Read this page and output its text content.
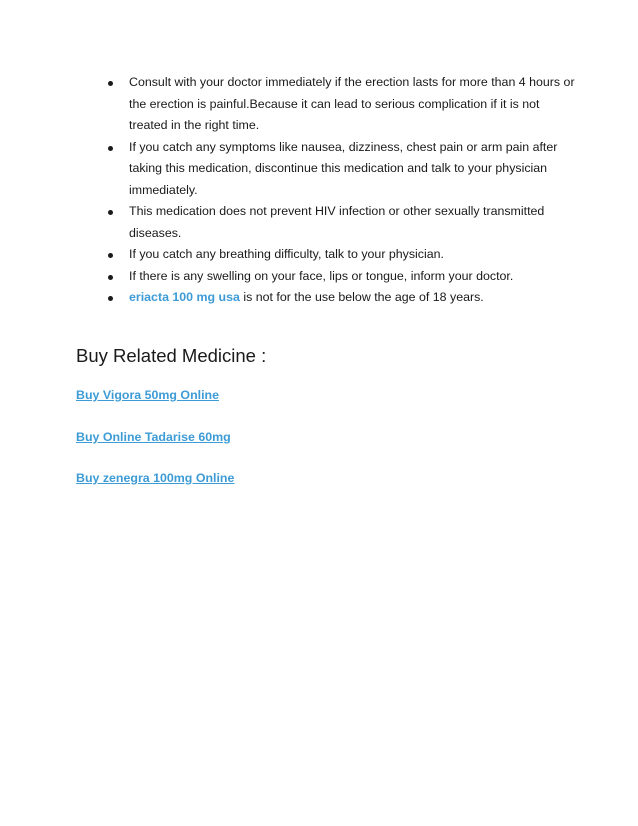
Consult with your doctor immediately if the erection lasts for more than 4 hours or the erection is painful.Because it can lead to serious complication if it is not treated in the right time.
If you catch any symptoms like nausea, dizziness, chest pain or arm pain after taking this medication, discontinue this medication and talk to your physician immediately.
This medication does not prevent HIV infection or other sexually transmitted diseases.
If you catch any breathing difficulty, talk to your physician.
If there is any swelling on your face, lips or tongue, inform your doctor.
eriacta 100 mg usa is not for the use below the age of 18 years.
Buy Related Medicine :
Buy Vigora 50mg Online
Buy Online Tadarise 60mg
Buy zenegra 100mg Online
